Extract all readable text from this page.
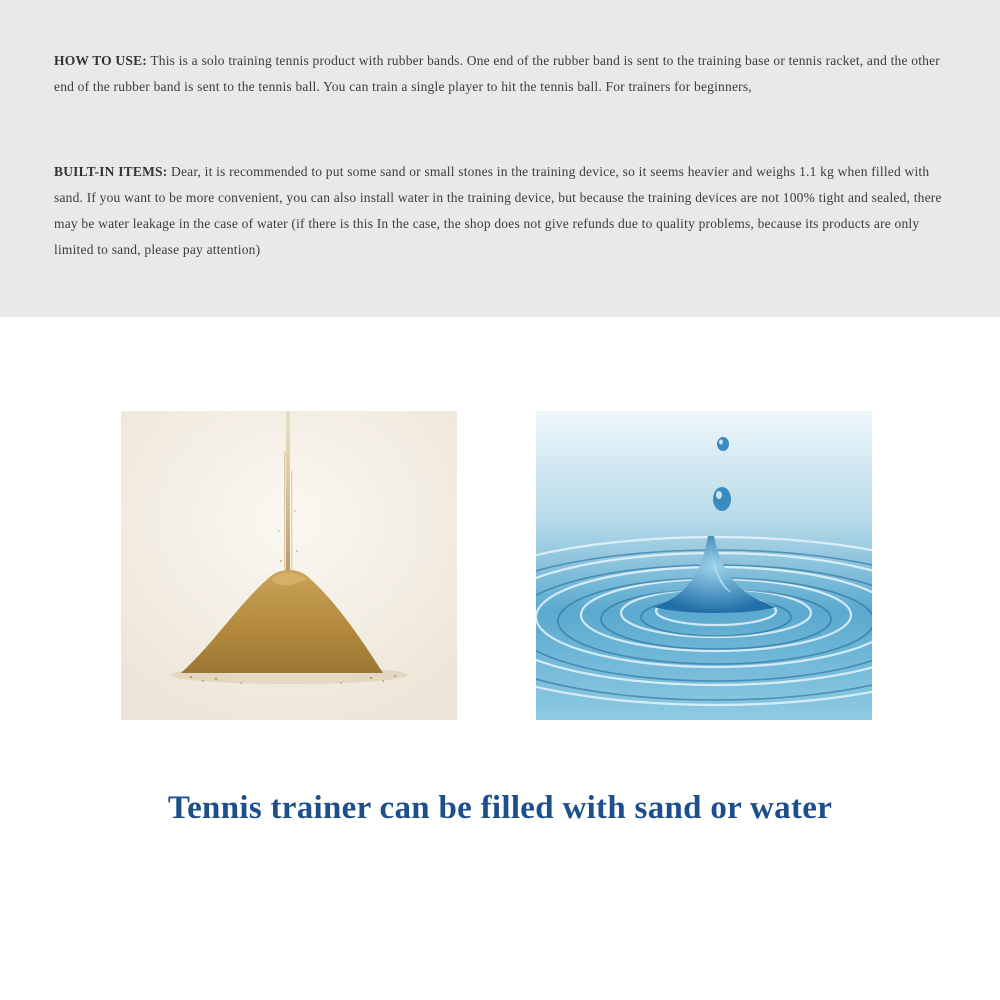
HOW TO USE: This is a solo training tennis product with rubber bands. One end of the rubber band is sent to the training base or tennis racket, and the other end of the rubber band is sent to the tennis ball. You can train a single player to hit the tennis ball. For trainers for beginners,

BUILT-IN ITEMS: Dear, it is recommended to put some sand or small stones in the training device, so it seems heavier and weighs 1.1 kg when filled with sand. If you want to be more convenient, you can also install water in the training device, but because the training devices are not 100% tight and sealed, there may be water leakage in the case of water (if there is this In the case, the shop does not give refunds due to quality problems, because its products are only limited to sand, please pay attention)

Tennis trainer can be filled with sand or water
